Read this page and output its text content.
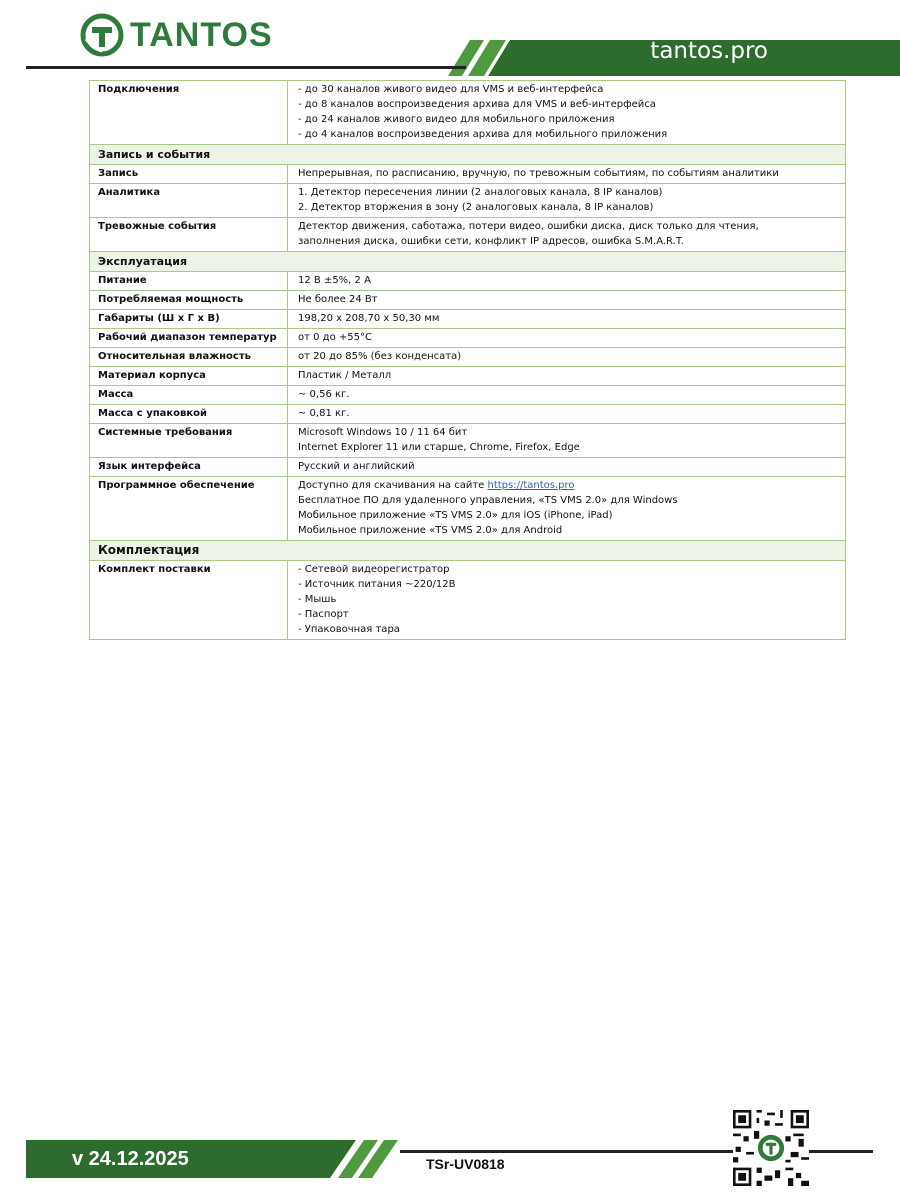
TANTOS	tantos.pro
Подключения	- до 30 каналов живого видео для VMS и веб-интерфейса
- до 8 каналов воспроизведения архива для VMS и веб-интерфейса
- до 24 каналов живого видео для мобильного приложения
- до 4 каналов воспроизведения архива для мобильного приложения

Запись и события	
Запись	Непрерывная, по расписанию, вручную, по тревожным событиям, по событиям аналитики

Аналитика	1. Детектор пересечения линии (2 аналоговых канала, 8 IP каналов)
2. Детектор вторжения в зону (2 аналоговых канала, 8 IP каналов)

Тревожные события	Детектор движения, саботажа, потери видео, ошибки диска, диск только для чтения,
заполнения диска, ошибки сети, конфликт IP адресов, ошибка S.M.A.R.T.

Эксплуатация	
Питание	12 В ±5%, 2 А

Потребляемая мощность	Не более 24 Вт

Габариты (Ш х Г х В)	198,20 х 208,70 х 50,30 мм

Рабочий диапазон температур	от 0 до +55°С

Относительная влажность	от 20 до 85% (без конденсата)

Материал корпуса	Пластик / Металл

Масса	~ 0,56 кг.

Масса с упаковкой	~ 0,81 кг.

Системные требования	Microsoft Windows 10 / 11 64 бит
Internet Explorer 11 или старше, Chrome, Firefox, Edge

Язык интерфейса	Русский и английский

Программное обеспечение	Доступно для скачивания на сайте https://tantos.pro
Бесплатное ПО для удаленного управления, «TS VMS 2.0» для Windows
Мобильное приложение «TS VMS 2.0» для iOS (iPhone, iPad)
Мобильное приложение «TS VMS 2.0» для Android

Комплектация	
Комплект поставки	- Сетевой видеорегистратор
- Источник питания ~220/12В
- Мышь
- Паспорт
- Упаковочная тара
v 24.12.2025	TSr-UV0818
